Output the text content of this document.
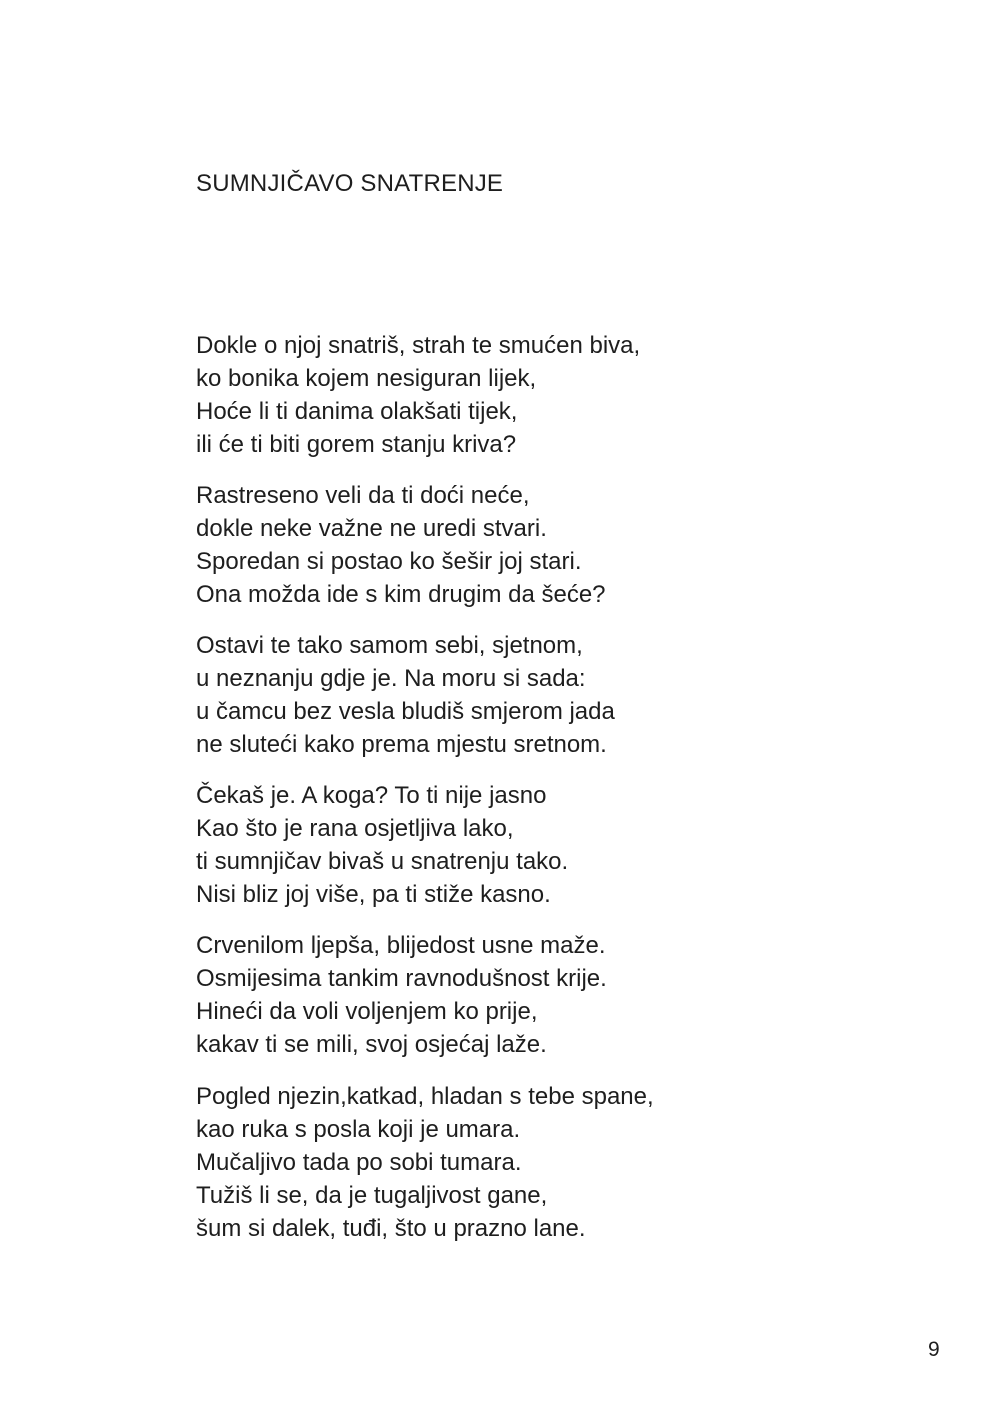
SUMNJIČAVO SNATRENJE
Dokle o njoj snatriš, strah te smućen biva,
ko bonika kojem nesiguran lijek,
Hoće li ti danima olakšati tijek,
ili će ti biti gorem stanju kriva?
Rastreseno veli da ti doći neće,
dokle neke važne ne uredi stvari.
Sporedan si postao ko šešir joj stari.
Ona možda ide s kim drugim da šeće?
Ostavi te tako samom sebi, sjetnom,
u neznanju gdje je. Na moru si sada:
u čamcu bez vesla bludiš smjerom jada
ne sluteći kako prema mjestu sretnom.
Čekaš je. A koga? To ti nije jasno
Kao što je rana osjetljiva lako,
ti sumnjičav bivaš u snatrenju tako.
Nisi bliz joj više, pa ti stiže kasno.
Crvenilom ljepša, blijedost usne maže.
Osmijesima tankim ravnodušnost krije.
Hineći da voli voljenjem ko prije,
kakav ti se mili, svoj osjećaj laže.
Pogled njezin,katkad, hladan s tebe spane,
kao ruka s posla koji je umara.
Mučaljivo tada po sobi tumara.
Tužiš li se, da je tugaljivost gane,
šum si dalek, tuđi, što u prazno lane.
9
